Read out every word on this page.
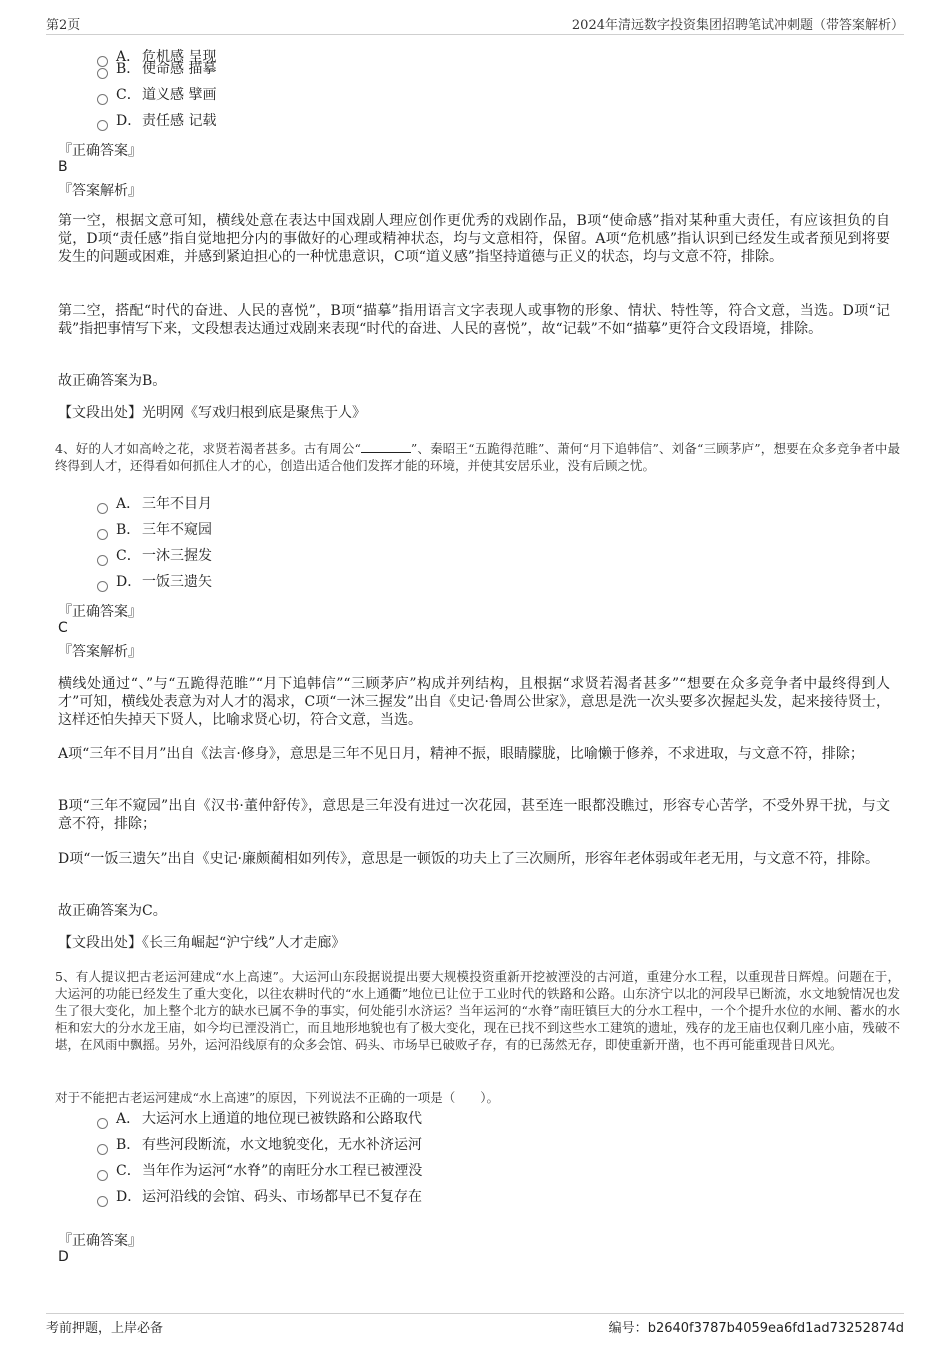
第2页	2024年清远数字投资集团招聘笔试冲刺题（带答案解析）
A． 危机感 呈现
B． 使命感 描摹
C．道义感 擘画
D．责任感 记载
『正确答案』
B
『答案解析』
第一空，根据文意可知，横线处意在表达中国戏剧人理应创作更优秀的戏剧作品，B项“使命感”指对某种重大责任，有应该担负的自觉，D项“责任感”指自觉地把分内的事做好的心理或精神状态，均与文意相符，保留。A项“危机感”指认识到已经发生或者预见到将要发生的问题或困难，并感到紧迫担心的一种忧患意识，C项“道义感”指坚持道德与正义的状态，均与文意不符，排除。
第二空，搭配“时代的奋进、人民的喜悦”，B项“描摹”指用语言文字表现人或事物的形象、情状、特性等，符合文意，当选。D项“记载”指把事情写下来，文段想表达通过戏剧来表现“时代的奋进、人民的喜悦”，故“记载”不如“描摹”更符合文段语境，排除。
故正确答案为B。
【文段出处】光明网《写戏归根到底是聚焦于人》
4、好的人才如高岭之花，求贤若渴者甚多。古有周公“	”、秦昭王“五跪得范睢”、萧何“月下追韩信”、刘备“三顾茅庐”，想要在众多竞争者中最终得到人才，还得看如何抓住人才的心，创造出适合他们发挥才能的环境，并使其安居乐业，没有后顾之忧。
A． 三年不目月
B． 三年不窥园
C．一沐三握发
D．一饭三遗矢
『正确答案』
C
『答案解析』
横线处通过“、”与“五跪得范睢”“月下追韩信”“三顾茅庐”构成并列结构，且根据“求贤若渴者甚多”“想要在众多竞争者中最终得到人才”可知，横线处表意为对人才的渴求，C项“一沐三握发”出自《史记·鲁周公世家》，意思是洗一次头要多次握起头发，起来接待贤士，这样还怕失掉天下贤人，比喻求贤心切，符合文意，当选。
A项“三年不目月”出自《法言·修身》，意思是三年不见日月，精神不振，眼睛朦胧，比喻懒于修养，不求进取，与文意不符，排除；
B项“三年不窥园”出自《汉书·董仲舒传》，意思是三年没有进过一次花园，甚至连一眼都没瞧过，形容专心苦学，不受外界干扰，与文意不符，排除；
D项“一饭三遗矢”出自《史记·廉颇蔺相如列传》，意思是一顿饭的功夫上了三次厕所，形容年老体弱或年老无用，与文意不符，排除。
故正确答案为C。
【文段出处】《长三角崛起“沪宁线”人才走廊》
5、有人提议把古老运河建成“水上高速”。大运河山东段据说提出要大规模投资重新开挖被湮没的古河道，重建分水工程，以重现昔日辉煌。问题在于，大运河的功能已经发生了重大变化，以往农耕时代的“水上通衢”地位已让位于工业时代的铁路和公路。山东济宁以北的河段早已断流，水文地貌情况也发生了很大变化，加上整个北方的缺水已属不争的事实，何处能引水济运？当年运河的“水脊”南旺镇巨大的分水工程中，一个个提升水位的水闸、蓄水的水柜和宏大的分水龙王庙，如今均已湮没消亡，而且地形地貌也有了极大变化，现在已找不到这些水工建筑的遗址，残存的龙王庙也仅剩几座小庙，残破不堪，在风雨中飘摇。另外，运河沿线原有的众多会馆、码头、市场早已破败孑存，有的已荡然无存，即使重新开凿，也不再可能重现昔日风光。
对于不能把古老运河建成“水上高速”的原因，下列说法不正确的一项是（　　）。
A． 大运河水上通道的地位现已被铁路和公路取代
B． 有些河段断流，水文地貌变化，无水补济运河
C．当年作为运河“水脊”的南旺分水工程已被湮没
D．运河沿线的会馆、码头、市场都早已不复存在
『正确答案』
D
考前押题，上岸必备	编号：b2640f3787b4059ea6fd1ad73252874d
